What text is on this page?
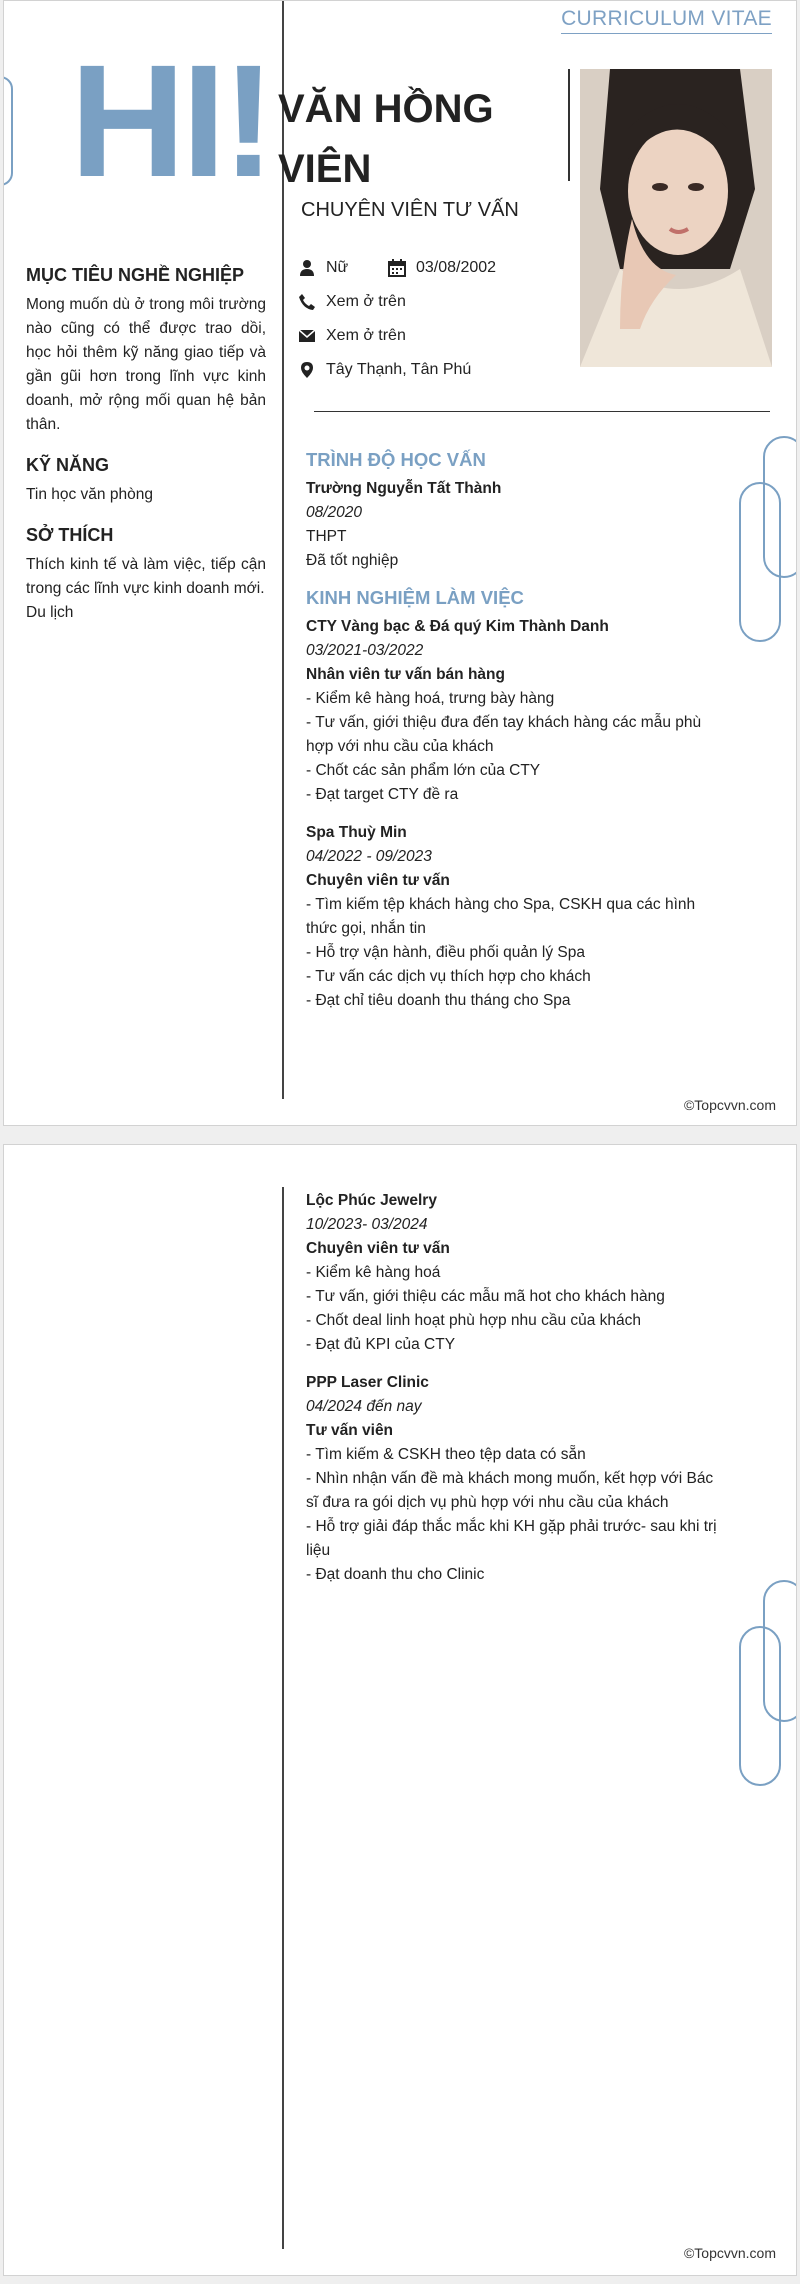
CURRICULUM VITAE
HI! VĂN HỒNG
VIÊN
CHUYÊN VIÊN TƯ VẤN
Nữ	03/08/2002
Xem ở trên
Xem ở trên
Tây Thạnh, Tân Phú
MỤC TIÊU NGHỀ NGHIỆP
Mong muốn dù ở trong môi trường nào cũng có thể được trao dồi, học hỏi thêm kỹ năng giao tiếp và gần gũi hơn trong lĩnh vực kinh doanh, mở rộng mối quan hệ bản thân.
KỸ NĂNG
Tin học văn phòng
SỞ THÍCH
Thích kinh tế và làm việc, tiếp cận trong các lĩnh vực kinh doanh mới.
Du lịch
TRÌNH ĐỘ HỌC VẤN
Trường Nguyễn Tất Thành
08/2020
THPT
Đã tốt nghiệp
KINH NGHIỆM LÀM VIỆC
CTY Vàng bạc & Đá quý Kim Thành Danh
03/2021-03/2022
Nhân viên tư vấn bán hàng
- Kiểm kê hàng hoá, trưng bày hàng
- Tư vấn, giới thiệu đưa đến tay khách hàng các mẫu phù hợp với nhu cầu của khách
- Chốt các sản phẩm lớn của CTY
- Đạt target CTY đề ra
Spa Thuỳ Min
04/2022 - 09/2023
Chuyên viên tư vấn
- Tìm kiếm tệp khách hàng cho Spa, CSKH qua các hình thức gọi, nhắn tin
- Hỗ trợ vận hành, điều phối quản lý Spa
- Tư vấn các dịch vụ thích hợp cho khách
- Đạt chỉ tiêu doanh thu tháng cho Spa
©Topcvvn.com
Lộc Phúc Jewelry
10/2023- 03/2024
Chuyên viên tư vấn
- Kiểm kê hàng hoá
- Tư vấn, giới thiệu các mẫu mã hot cho khách hàng
- Chốt deal linh hoạt phù hợp nhu cầu của khách
- Đạt đủ KPI của CTY
PPP Laser Clinic
04/2024 đến nay
Tư vấn viên
- Tìm kiếm & CSKH theo tệp data có sẵn
- Nhìn nhận vấn đề mà khách mong muốn, kết hợp với Bác sĩ đưa ra gói dịch vụ phù hợp với nhu cầu của khách
- Hỗ trợ giải đáp thắc mắc khi KH gặp phải trước- sau khi trị liệu
- Đạt doanh thu cho Clinic
©Topcvvn.com
